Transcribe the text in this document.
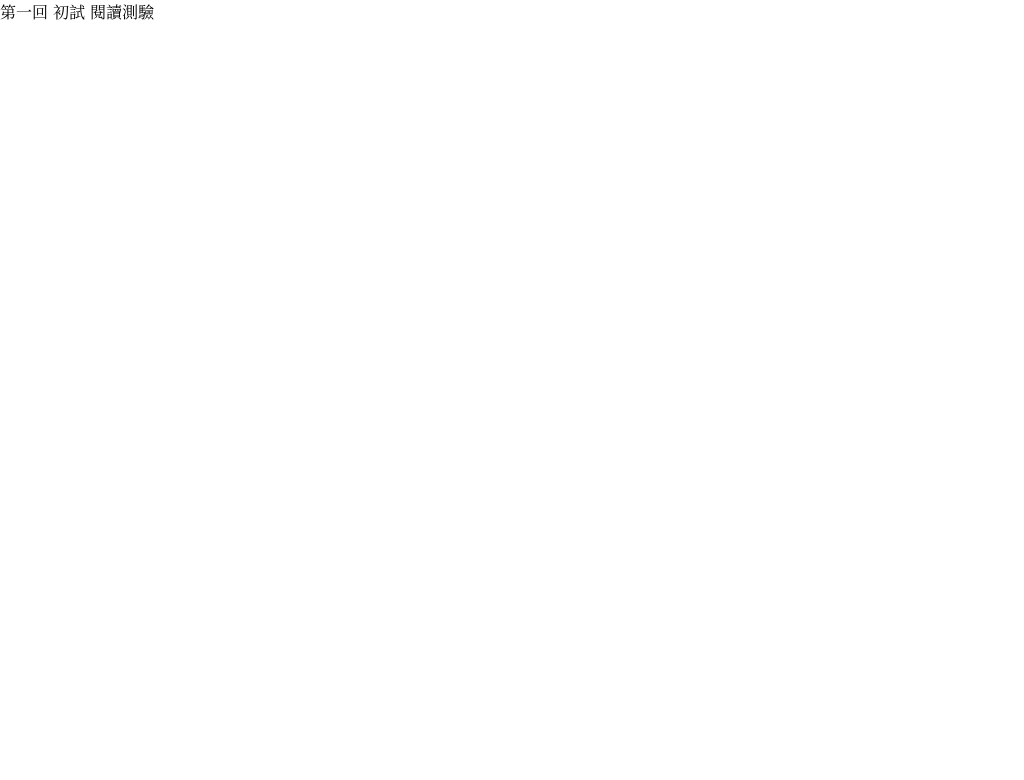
第一回 初試 閱讀測驗
